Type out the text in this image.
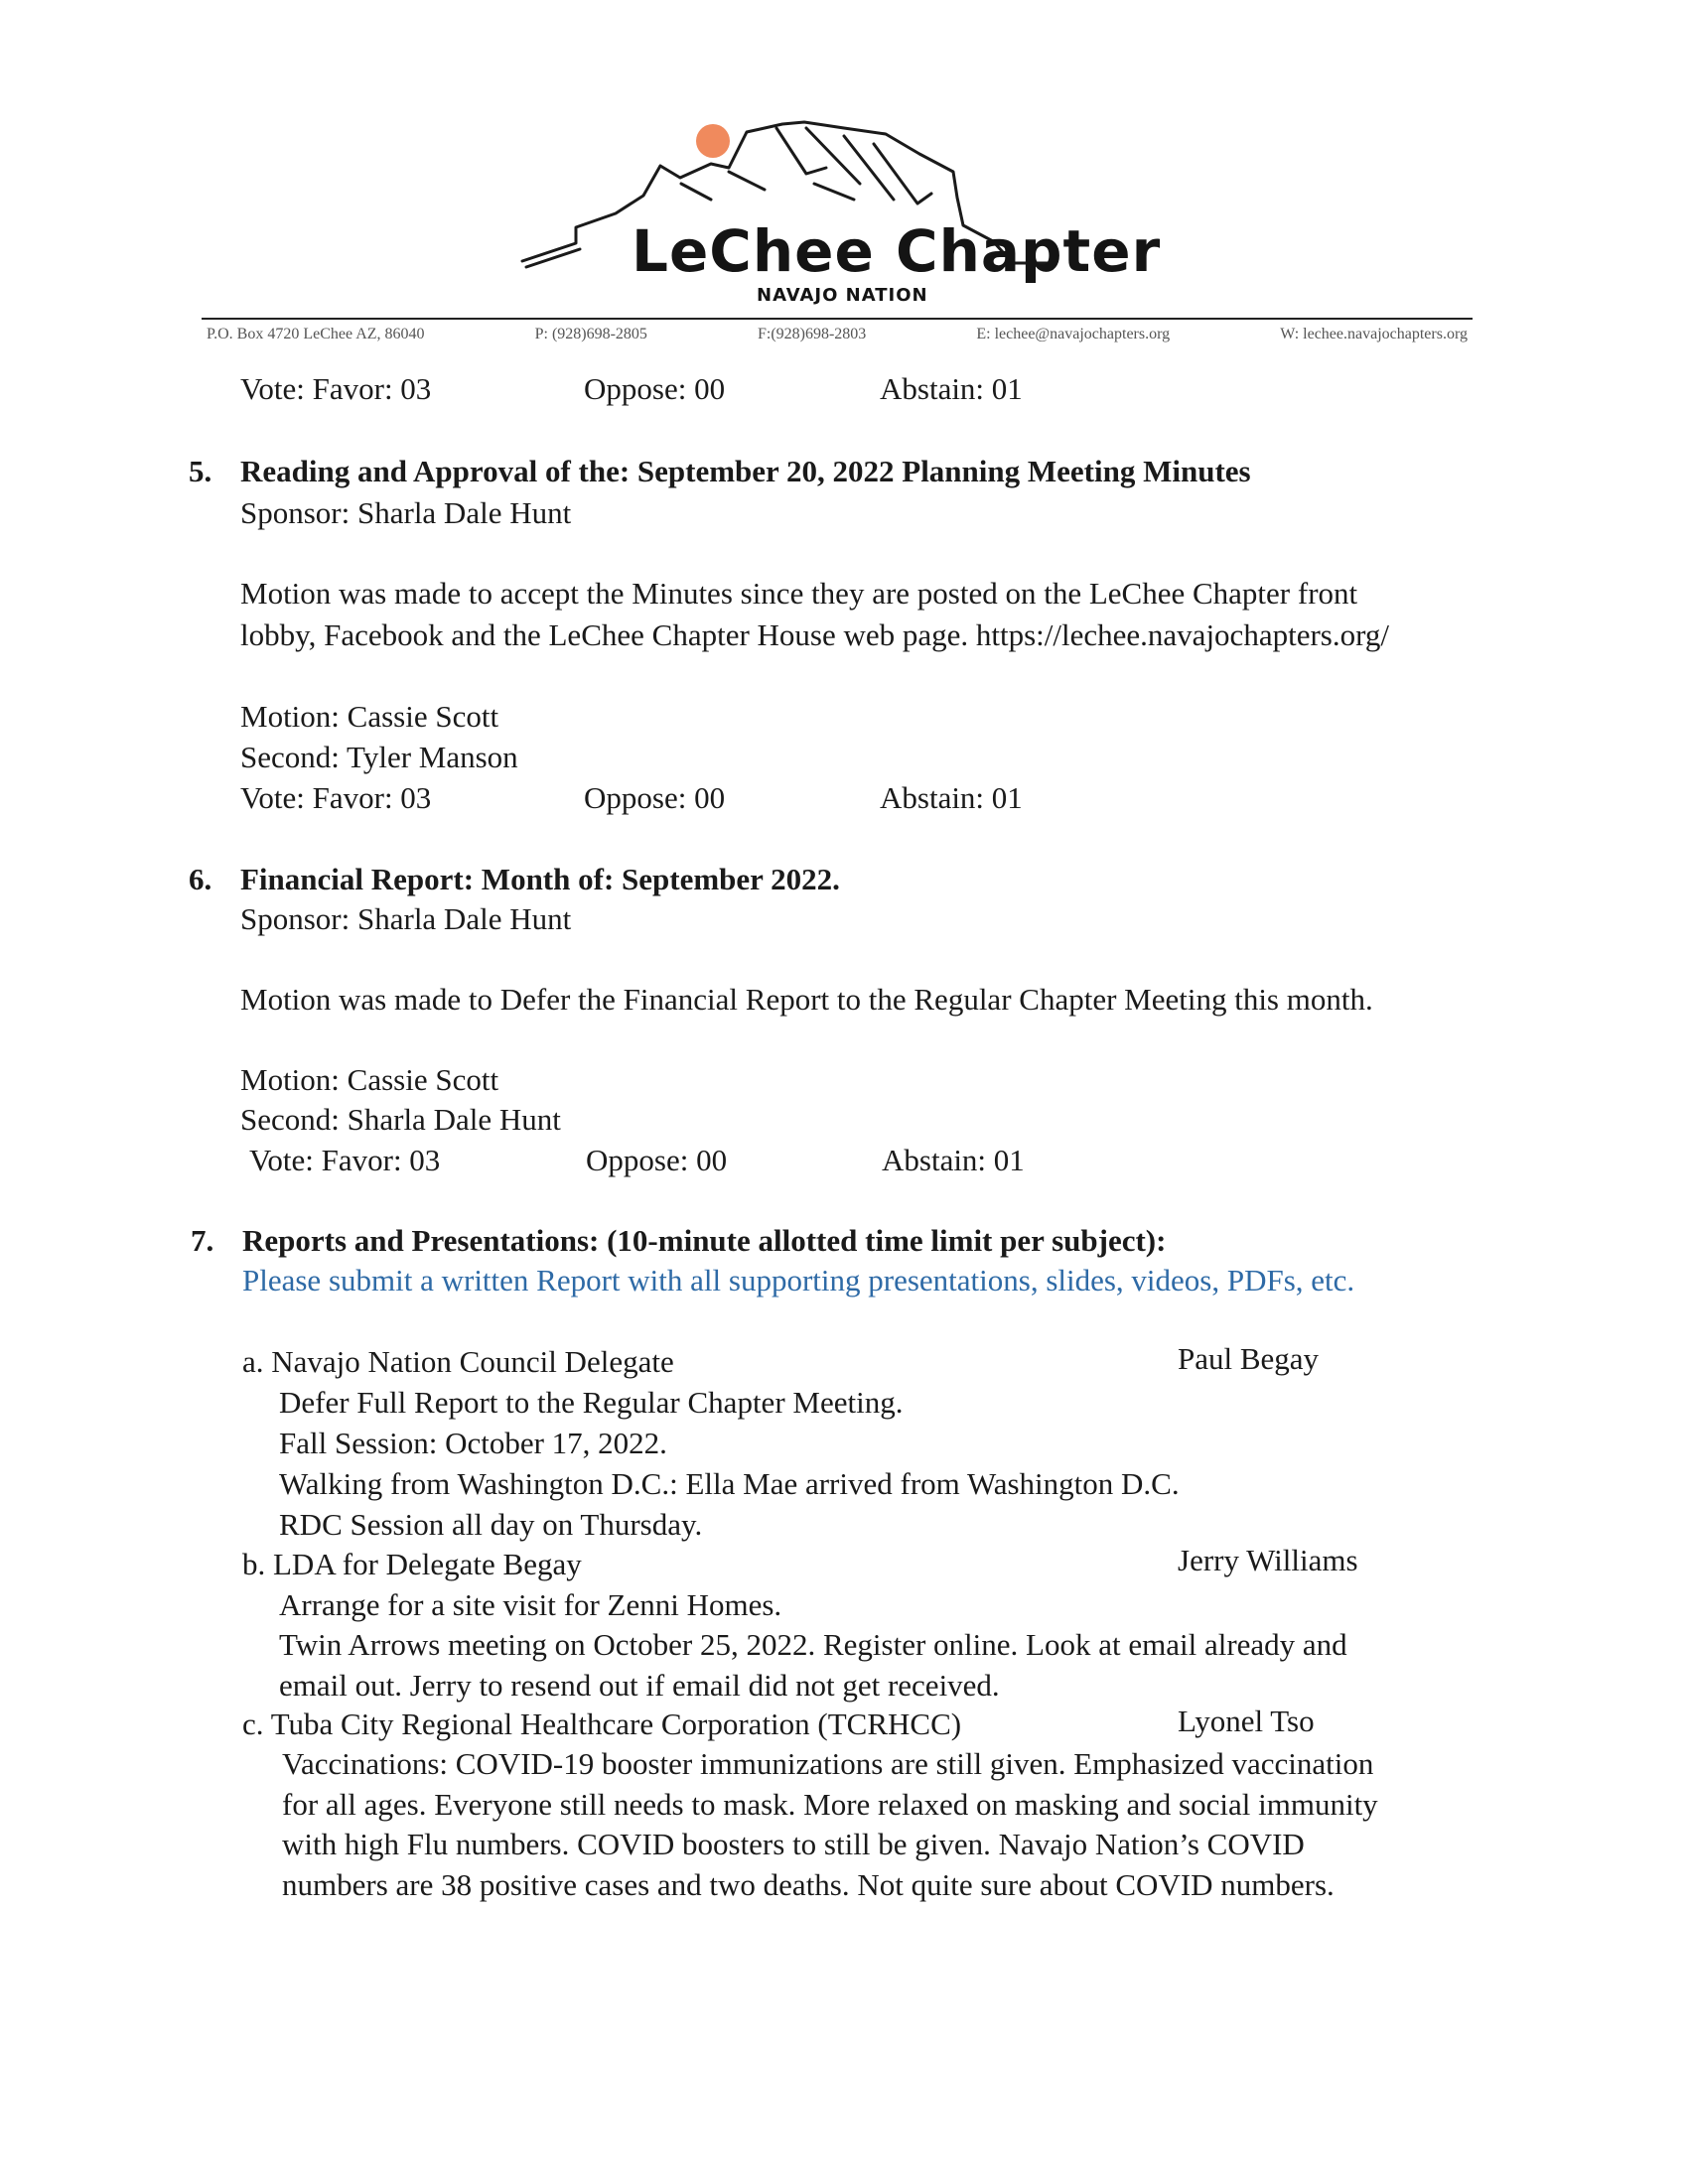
LeChee Chapter
NAVAJO NATION
P.O. Box 4720 LeChee AZ, 86040	P: (928)698-2805	F:(928)698-2803	E: lechee@navajochapters.org	W: lechee.navajochapters.org
Vote: Favor: 03	Oppose: 00	Abstain: 01
5. Reading and Approval of the: September 20, 2022 Planning Meeting Minutes
Sponsor: Sharla Dale Hunt
Motion was made to accept the Minutes since they are posted on the LeChee Chapter front
lobby, Facebook and the LeChee Chapter House web page. https://lechee.navajochapters.org/
Motion: Cassie Scott
Second: Tyler Manson
Vote: Favor: 03	Oppose: 00	Abstain: 01
6. Financial Report: Month of: September 2022.
Sponsor: Sharla Dale Hunt
Motion was made to Defer the Financial Report to the Regular Chapter Meeting this month.
Motion: Cassie Scott
Second: Sharla Dale Hunt
Vote: Favor: 03	Oppose: 00	Abstain: 01
7. Reports and Presentations: (10-minute allotted time limit per subject):
Please submit a written Report with all supporting presentations, slides, videos, PDFs, etc.
a. Navajo Nation Council Delegate	Paul Begay
Defer Full Report to the Regular Chapter Meeting.
Fall Session: October 17, 2022.
Walking from Washington D.C.: Ella Mae arrived from Washington D.C.
RDC Session all day on Thursday.
b. LDA for Delegate Begay	Jerry Williams
Arrange for a site visit for Zenni Homes.
Twin Arrows meeting on October 25, 2022. Register online. Look at email already and
email out. Jerry to resend out if email did not get received.
c. Tuba City Regional Healthcare Corporation (TCRHCC)	Lyonel Tso
Vaccinations: COVID-19 booster immunizations are still given. Emphasized vaccination
for all ages. Everyone still needs to mask. More relaxed on masking and social immunity
with high Flu numbers. COVID boosters to still be given. Navajo Nation’s COVID
numbers are 38 positive cases and two deaths. Not quite sure about COVID numbers.
